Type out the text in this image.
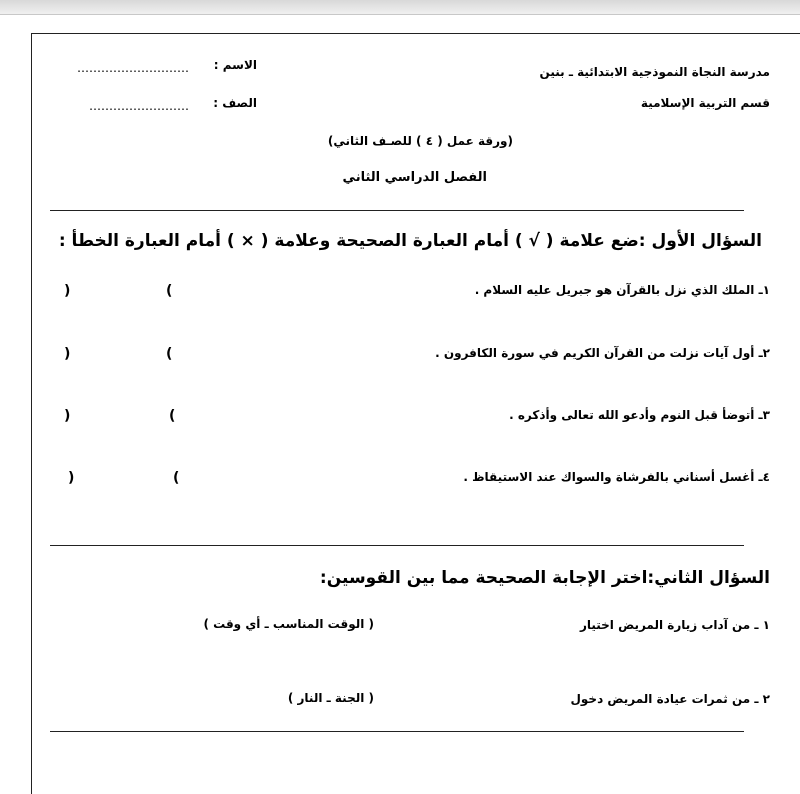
مدرسة النجاة النموذجية الابتدائية ـ بنين
الاسم :
……………………….
قسم التربية الإسلامية
الصف :
…………………….
(ورقة عمل ( ٤ ) للصـف الثاني)
الفصل الدراسي الثاني
السؤال الأول :ضع علامة ( √ ) أمام العبارة الصحيحة وعلامة ( × ) أمام العبارة الخطأ :
١ـ الملك الذي نزل بالقرآن هو جبريل عليه السلام .
(
)
٢ـ أول آيات نزلت من القرآن الكريم في سورة الكافرون .
(
)
٣ـ أتوضأ قبل النوم وأدعو الله تعالى وأذكره .
(
)
٤ـ أغسل أسناني بالفرشاة والسواك عند الاستيقاظ .
(
)
السؤال الثاني:اختر الإجابة الصحيحة مما بين القوسين:
١ ـ من آداب زيارة المريض اختيار
( الوقت المناسب ـ أي وقت )
٢ ـ من ثمرات عيادة المريض دخول
( الجنة ـ النار )
